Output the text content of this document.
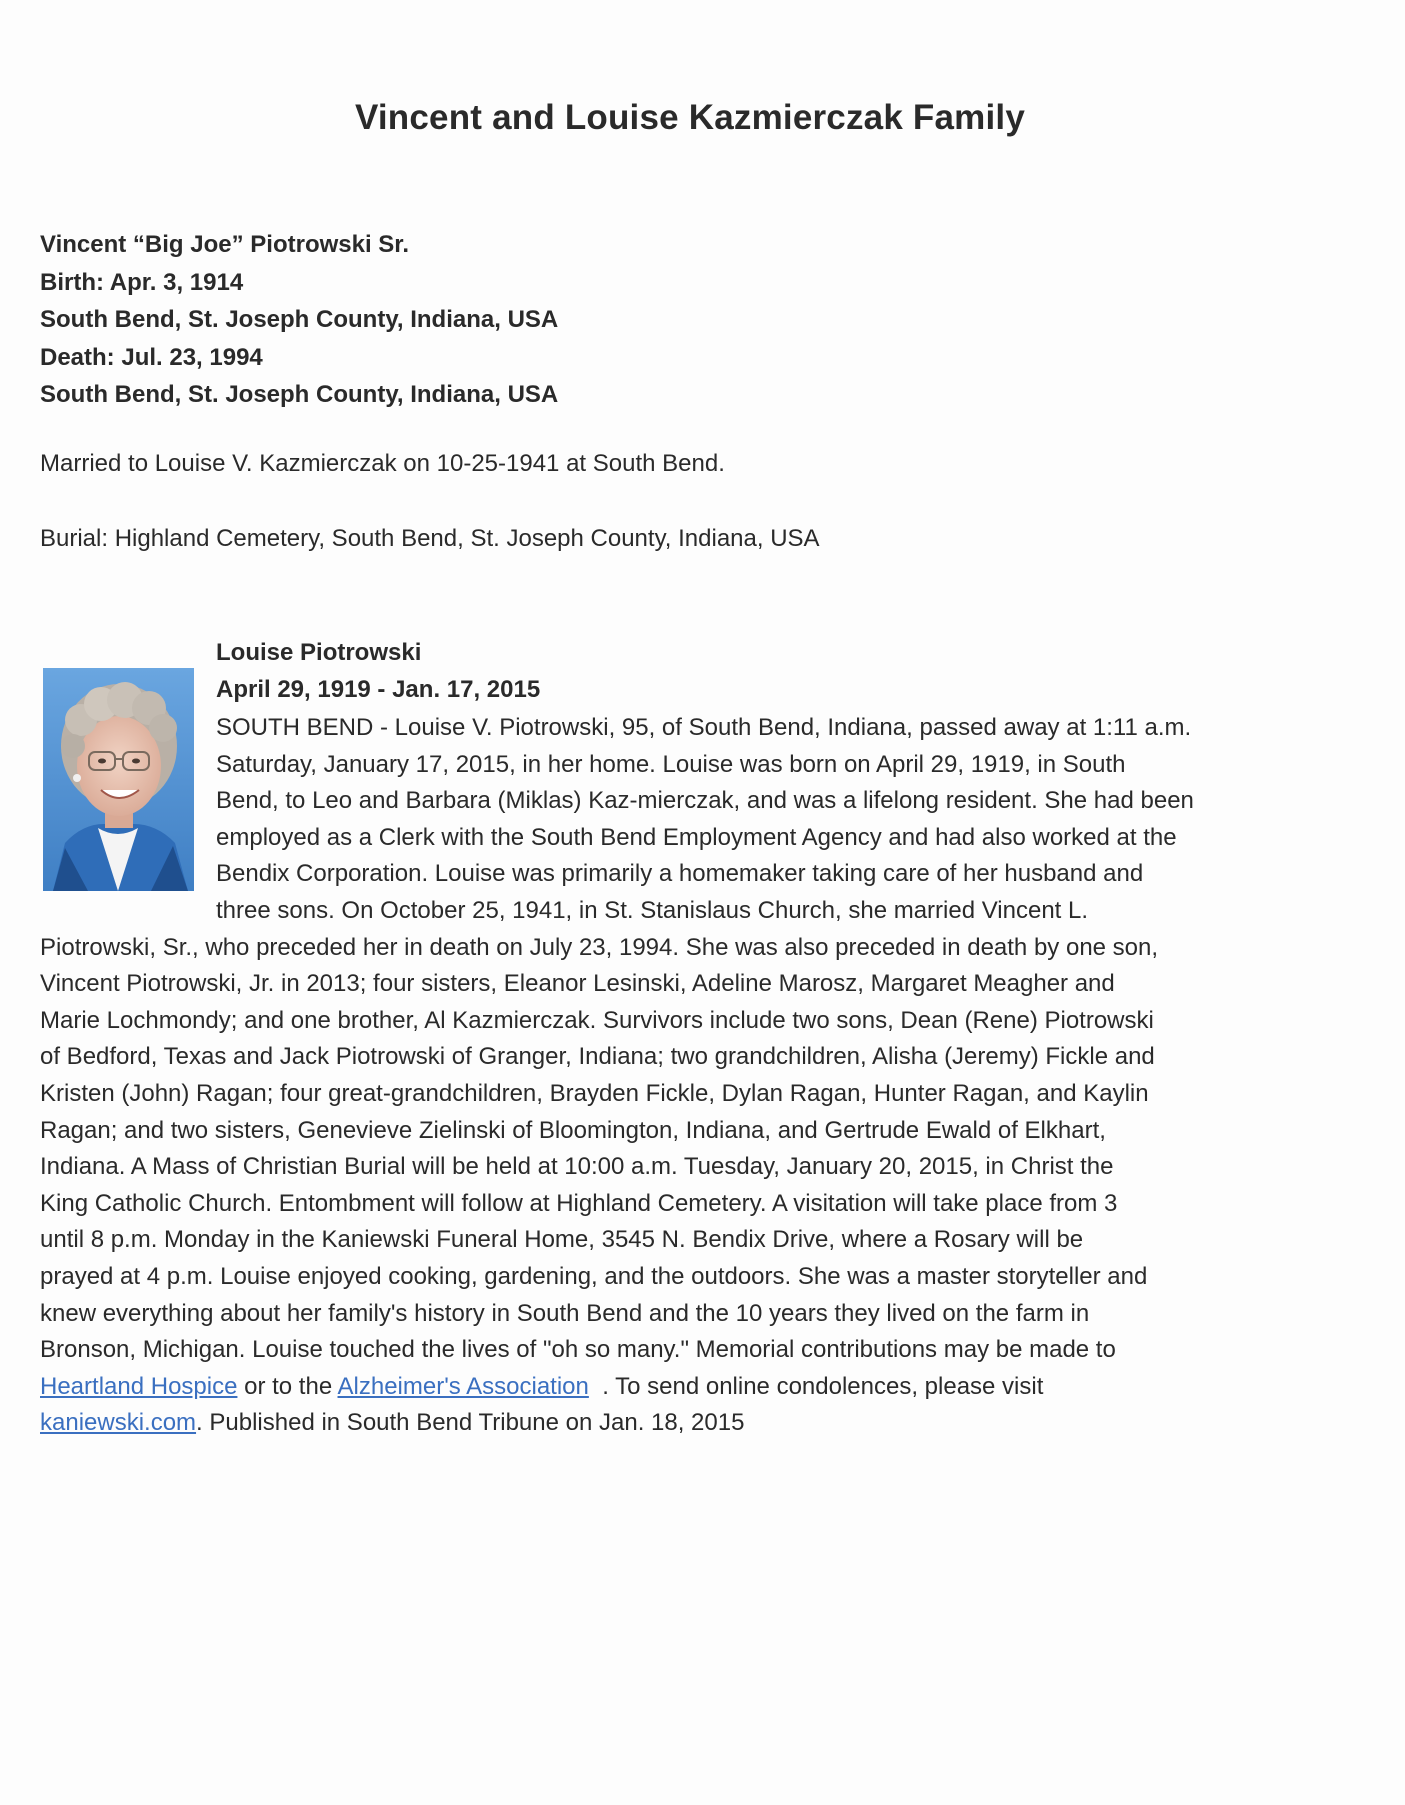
Vincent and Louise Kazmierczak Family
Vincent “Big Joe” Piotrowski Sr.
Birth: Apr. 3, 1914
South Bend, St. Joseph County, Indiana, USA
Death: Jul. 23, 1994
South Bend, St. Joseph County, Indiana, USA
Married to Louise V. Kazmierczak on 10-25-1941 at South Bend.
Burial: Highland Cemetery, South Bend, St. Joseph County, Indiana, USA
Louise Piotrowski
April 29, 1919 - Jan. 17, 2015
SOUTH BEND - Louise V. Piotrowski, 95, of South Bend, Indiana, passed away at 1:11 a.m.
Saturday, January 17, 2015, in her home. Louise was born on April 29, 1919, in South
Bend, to Leo and Barbara (Miklas) Kaz-mierczak, and was a lifelong resident. She had been
employed as a Clerk with the South Bend Employment Agency and had also worked at the
Bendix Corporation. Louise was primarily a homemaker taking care of her husband and
three sons. On October 25, 1941, in St. Stanislaus Church, she married Vincent L.
Piotrowski, Sr., who preceded her in death on July 23, 1994. She was also preceded in death by one son,
Vincent Piotrowski, Jr. in 2013; four sisters, Eleanor Lesinski, Adeline Marosz, Margaret Meagher and
Marie Lochmondy; and one brother, Al Kazmierczak. Survivors include two sons, Dean (Rene) Piotrowski
of Bedford, Texas and Jack Piotrowski of Granger, Indiana; two grandchildren, Alisha (Jeremy) Fickle and
Kristen (John) Ragan; four great-grandchildren, Brayden Fickle, Dylan Ragan, Hunter Ragan, and Kaylin
Ragan; and two sisters, Genevieve Zielinski of Bloomington, Indiana, and Gertrude Ewald of Elkhart,
Indiana. A Mass of Christian Burial will be held at 10:00 a.m. Tuesday, January 20, 2015, in Christ the
King Catholic Church. Entombment will follow at Highland Cemetery. A visitation will take place from 3
until 8 p.m. Monday in the Kaniewski Funeral Home, 3545 N. Bendix Drive, where a Rosary will be
prayed at 4 p.m. Louise enjoyed cooking, gardening, and the outdoors. She was a master storyteller and
knew everything about her family's history in South Bend and the 10 years they lived on the farm in
Bronson, Michigan. Louise touched the lives of "oh so many." Memorial contributions may be made to
Heartland Hospice or to the Alzheimer's Association  . To send online condolences, please visit
kaniewski.com. Published in South Bend Tribune on Jan. 18, 2015
